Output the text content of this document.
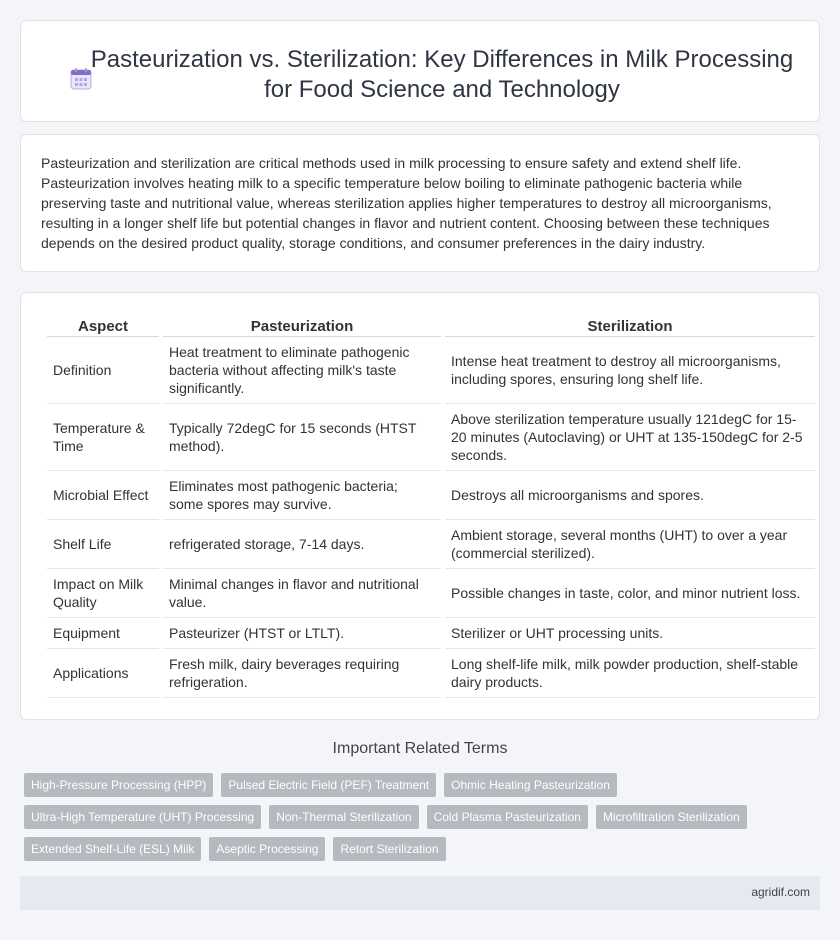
Pasteurization vs. Sterilization: Key Differences in Milk Processing for Food Science and Technology

Pasteurization and sterilization are critical methods used in milk processing to ensure safety and extend shelf life. Pasteurization involves heating milk to a specific temperature below boiling to eliminate pathogenic bacteria while preserving taste and nutritional value, whereas sterilization applies higher temperatures to destroy all microorganisms, resulting in a longer shelf life but potential changes in flavor and nutrient content. Choosing between these techniques depends on the desired product quality, storage conditions, and consumer preferences in the dairy industry.

Aspect	Pasteurization	Sterilization
Definition	Heat treatment to eliminate pathogenic bacteria without affecting milk's taste significantly.	Intense heat treatment to destroy all microorganisms, including spores, ensuring long shelf life.
Temperature & Time	Typically 72degC for 15 seconds (HTST method).	Above sterilization temperature usually 121degC for 15-20 minutes (Autoclaving) or UHT at 135-150degC for 2-5 seconds.
Microbial Effect	Eliminates most pathogenic bacteria; some spores may survive.	Destroys all microorganisms and spores.
Shelf Life	refrigerated storage, 7-14 days.	Ambient storage, several months (UHT) to over a year (commercial sterilized).
Impact on Milk Quality	Minimal changes in flavor and nutritional value.	Possible changes in taste, color, and minor nutrient loss.
Equipment	Pasteurizer (HTST or LTLT).	Sterilizer or UHT processing units.
Applications	Fresh milk, dairy beverages requiring refrigeration.	Long shelf-life milk, milk powder production, shelf-stable dairy products.
Important Related Terms
High-Pressure Processing (HPP)	Pulsed Electric Field (PEF) Treatment	Ohmic Heating Pasteurization
Ultra-High Temperature (UHT) Processing	Non-Thermal Sterilization	Cold Plasma Pasteurization	Microfiltration Sterilization
Extended Shelf-Life (ESL) Milk	Aseptic Processing	Retort Sterilization
agridif.com
